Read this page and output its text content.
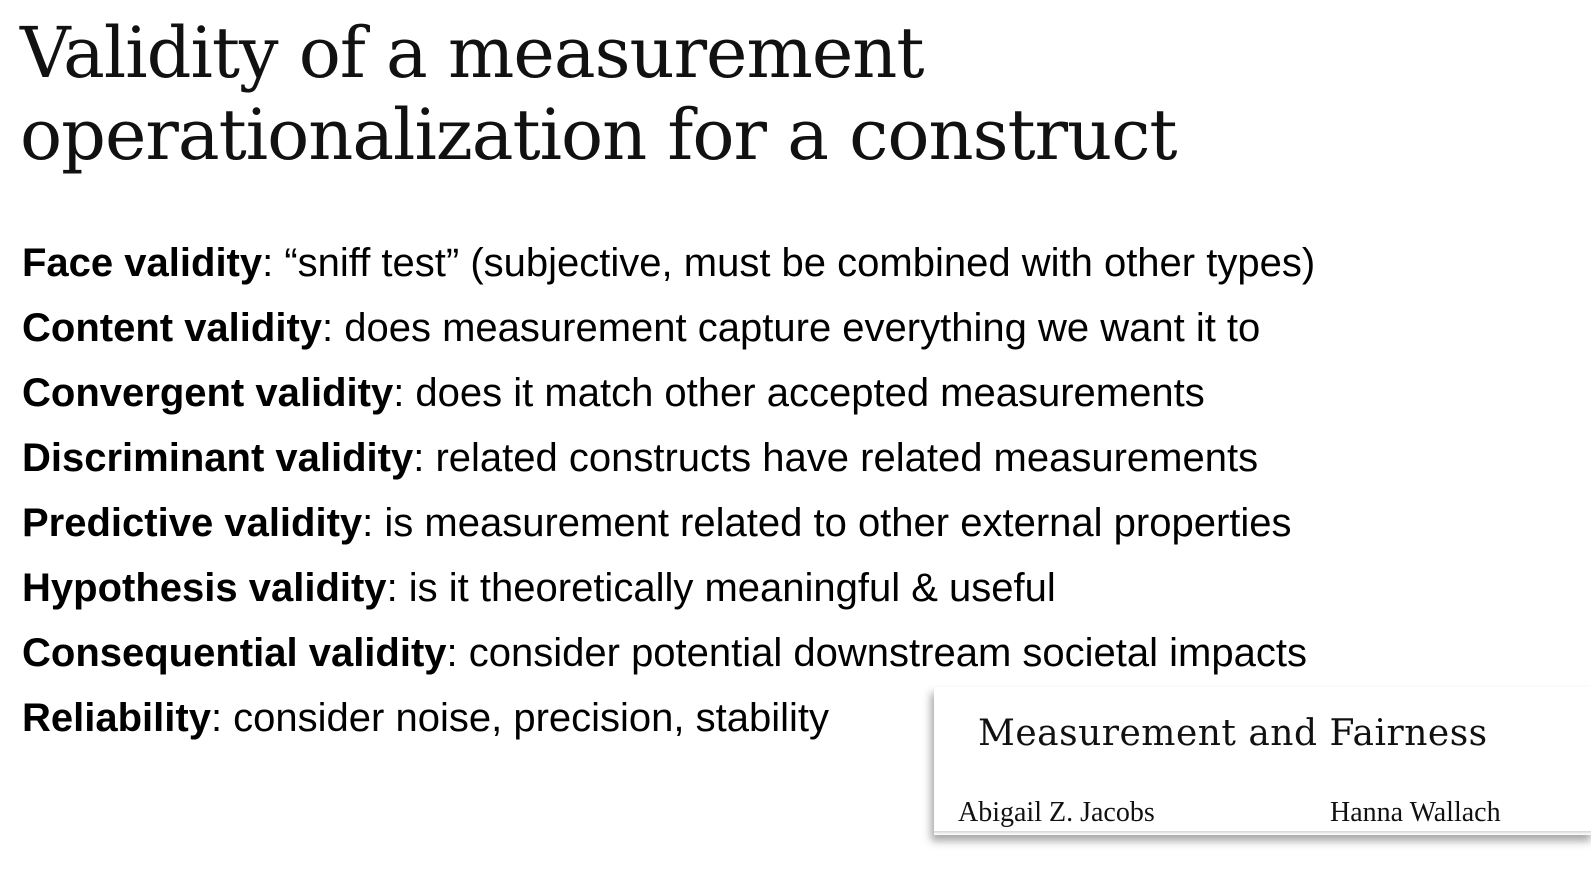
Validity of a measurement
operationalization for a construct
Face validity: “sniff test” (subjective, must be combined with other types)
Content validity: does measurement capture everything we want it to
Convergent validity: does it match other accepted measurements
Discriminant validity: related constructs have related measurements
Predictive validity: is measurement related to other external properties
Hypothesis validity: is it theoretically meaningful & useful
Consequential validity: consider potential downstream societal impacts
Reliability: consider noise, precision, stability	Measurement and Fairness
Abigail Z. Jacobs	Hanna Wallach
